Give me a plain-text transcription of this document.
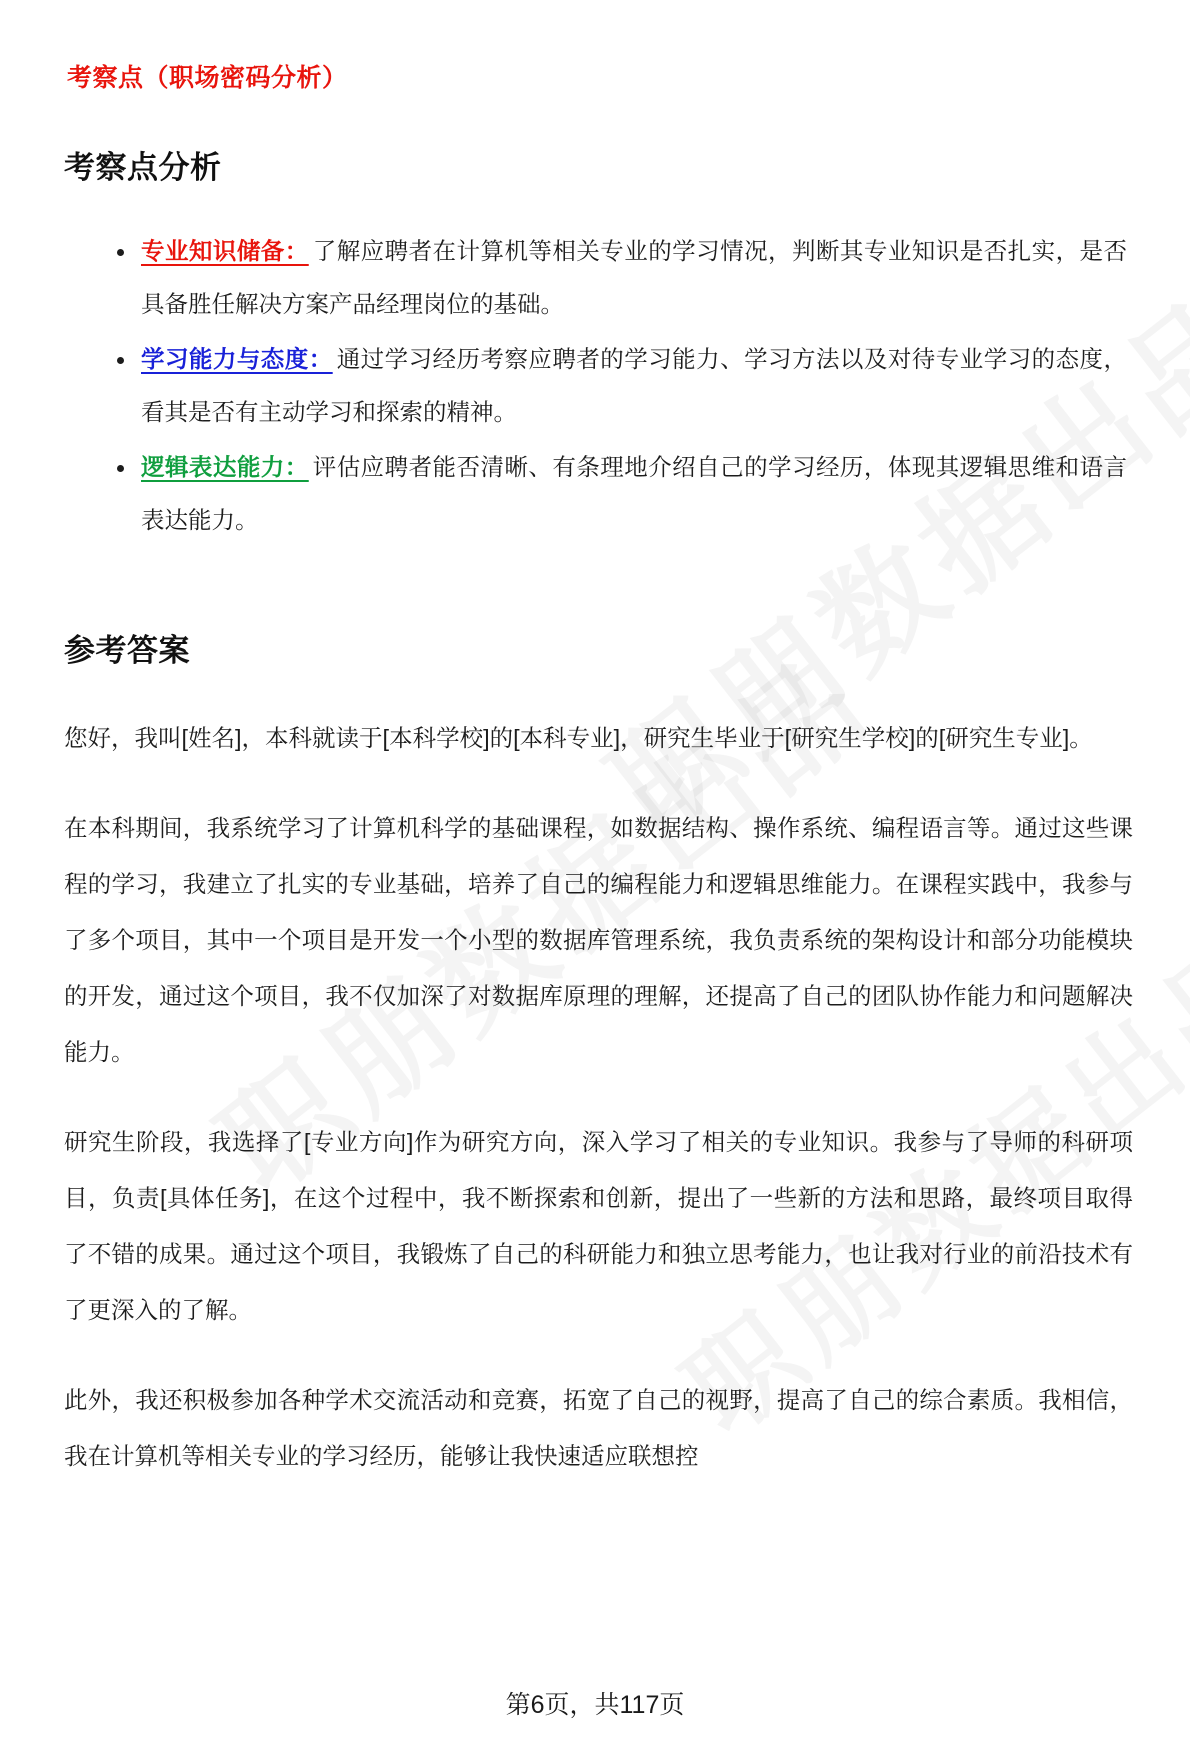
考察点（职场密码分析）
考察点分析
专业知识储备： 了解应聘者在计算机等相关专业的学习情况，判断其专业知识是否扎实，是否具备胜任解决方案产品经理岗位的基础。
学习能力与态度： 通过学习经历考察应聘者的学习能力、学习方法以及对待专业学习的态度，看其是否有主动学习和探索的精神。
逻辑表达能力： 评估应聘者能否清晰、有条理地介绍自己的学习经历，体现其逻辑思维和语言表达能力。
参考答案

您好，我叫[姓名]，本科就读于[本科学校]的[本科专业]，研究生毕业于[研究生学校]的[研究生专业]。

在本科期间，我系统学习了计算机科学的基础课程，如数据结构、操作系统、编程语言等。通过这些课程的学习，我建立了扎实的专业基础，培养了自己的编程能力和逻辑思维能力。在课程实践中，我参与了多个项目，其中一个项目是开发一个小型的数据库管理系统，我负责系统的架构设计和部分功能模块的开发，通过这个项目，我不仅加深了对数据库原理的理解，还提高了自己的团队协作能力和问题解决能力。

研究生阶段，我选择了[专业方向]作为研究方向，深入学习了相关的专业知识。我参与了导师的科研项目，负责[具体任务]，在这个过程中，我不断探索和创新，提出了一些新的方法和思路，最终项目取得了不错的成果。通过这个项目，我锻炼了自己的科研能力和独立思考能力，也让我对行业的前沿技术有了更深入的了解。

此外，我还积极参加各种学术交流活动和竞赛，拓宽了自己的视野，提高了自己的综合素质。我相信，我在计算机等相关专业的学习经历，能够让我快速适应联想控

第6页，共117页
